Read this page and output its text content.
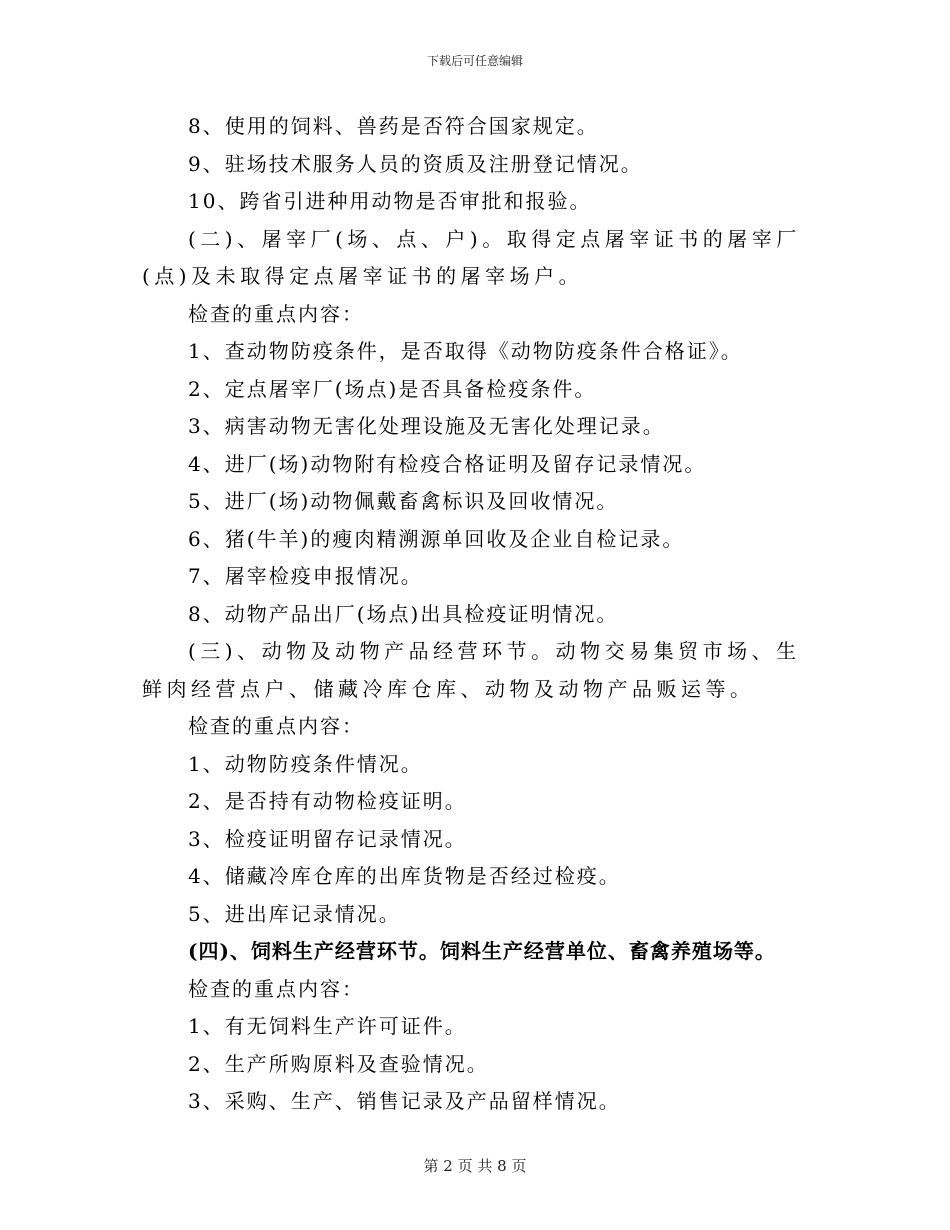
下载后可任意编辑

8、使用的饲料、兽药是否符合国家规定。

9、驻场技术服务人员的资质及注册登记情况。

10、跨省引进种用动物是否审批和报验。

(二)、屠宰厂(场、点、户)。取得定点屠宰证书的屠宰厂(点)及未取得定点屠宰证书的屠宰场户。

检查的重点内容：

1、查动物防疫条件，是否取得《动物防疫条件合格证》。

2、定点屠宰厂(场点)是否具备检疫条件。

3、病害动物无害化处理设施及无害化处理记录。

4、进厂(场)动物附有检疫合格证明及留存记录情况。

5、进厂(场)动物佩戴畜禽标识及回收情况。

6、猪(牛羊)的瘦肉精溯源单回收及企业自检记录。

7、屠宰检疫申报情况。

8、动物产品出厂(场点)出具检疫证明情况。

(三)、动物及动物产品经营环节。动物交易集贸市场、生鲜肉经营点户、储藏冷库仓库、动物及动物产品贩运等。

检查的重点内容：

1、动物防疫条件情况。

2、是否持有动物检疫证明。

3、检疫证明留存记录情况。

4、储藏冷库仓库的出库货物是否经过检疫。

5、进出库记录情况。

(四)、饲料生产经营环节。饲料生产经营单位、畜禽养殖场等。

检查的重点内容：

1、有无饲料生产许可证件。

2、生产所购原料及查验情况。

3、采购、生产、销售记录及产品留样情况。

第 2 页 共 8 页
